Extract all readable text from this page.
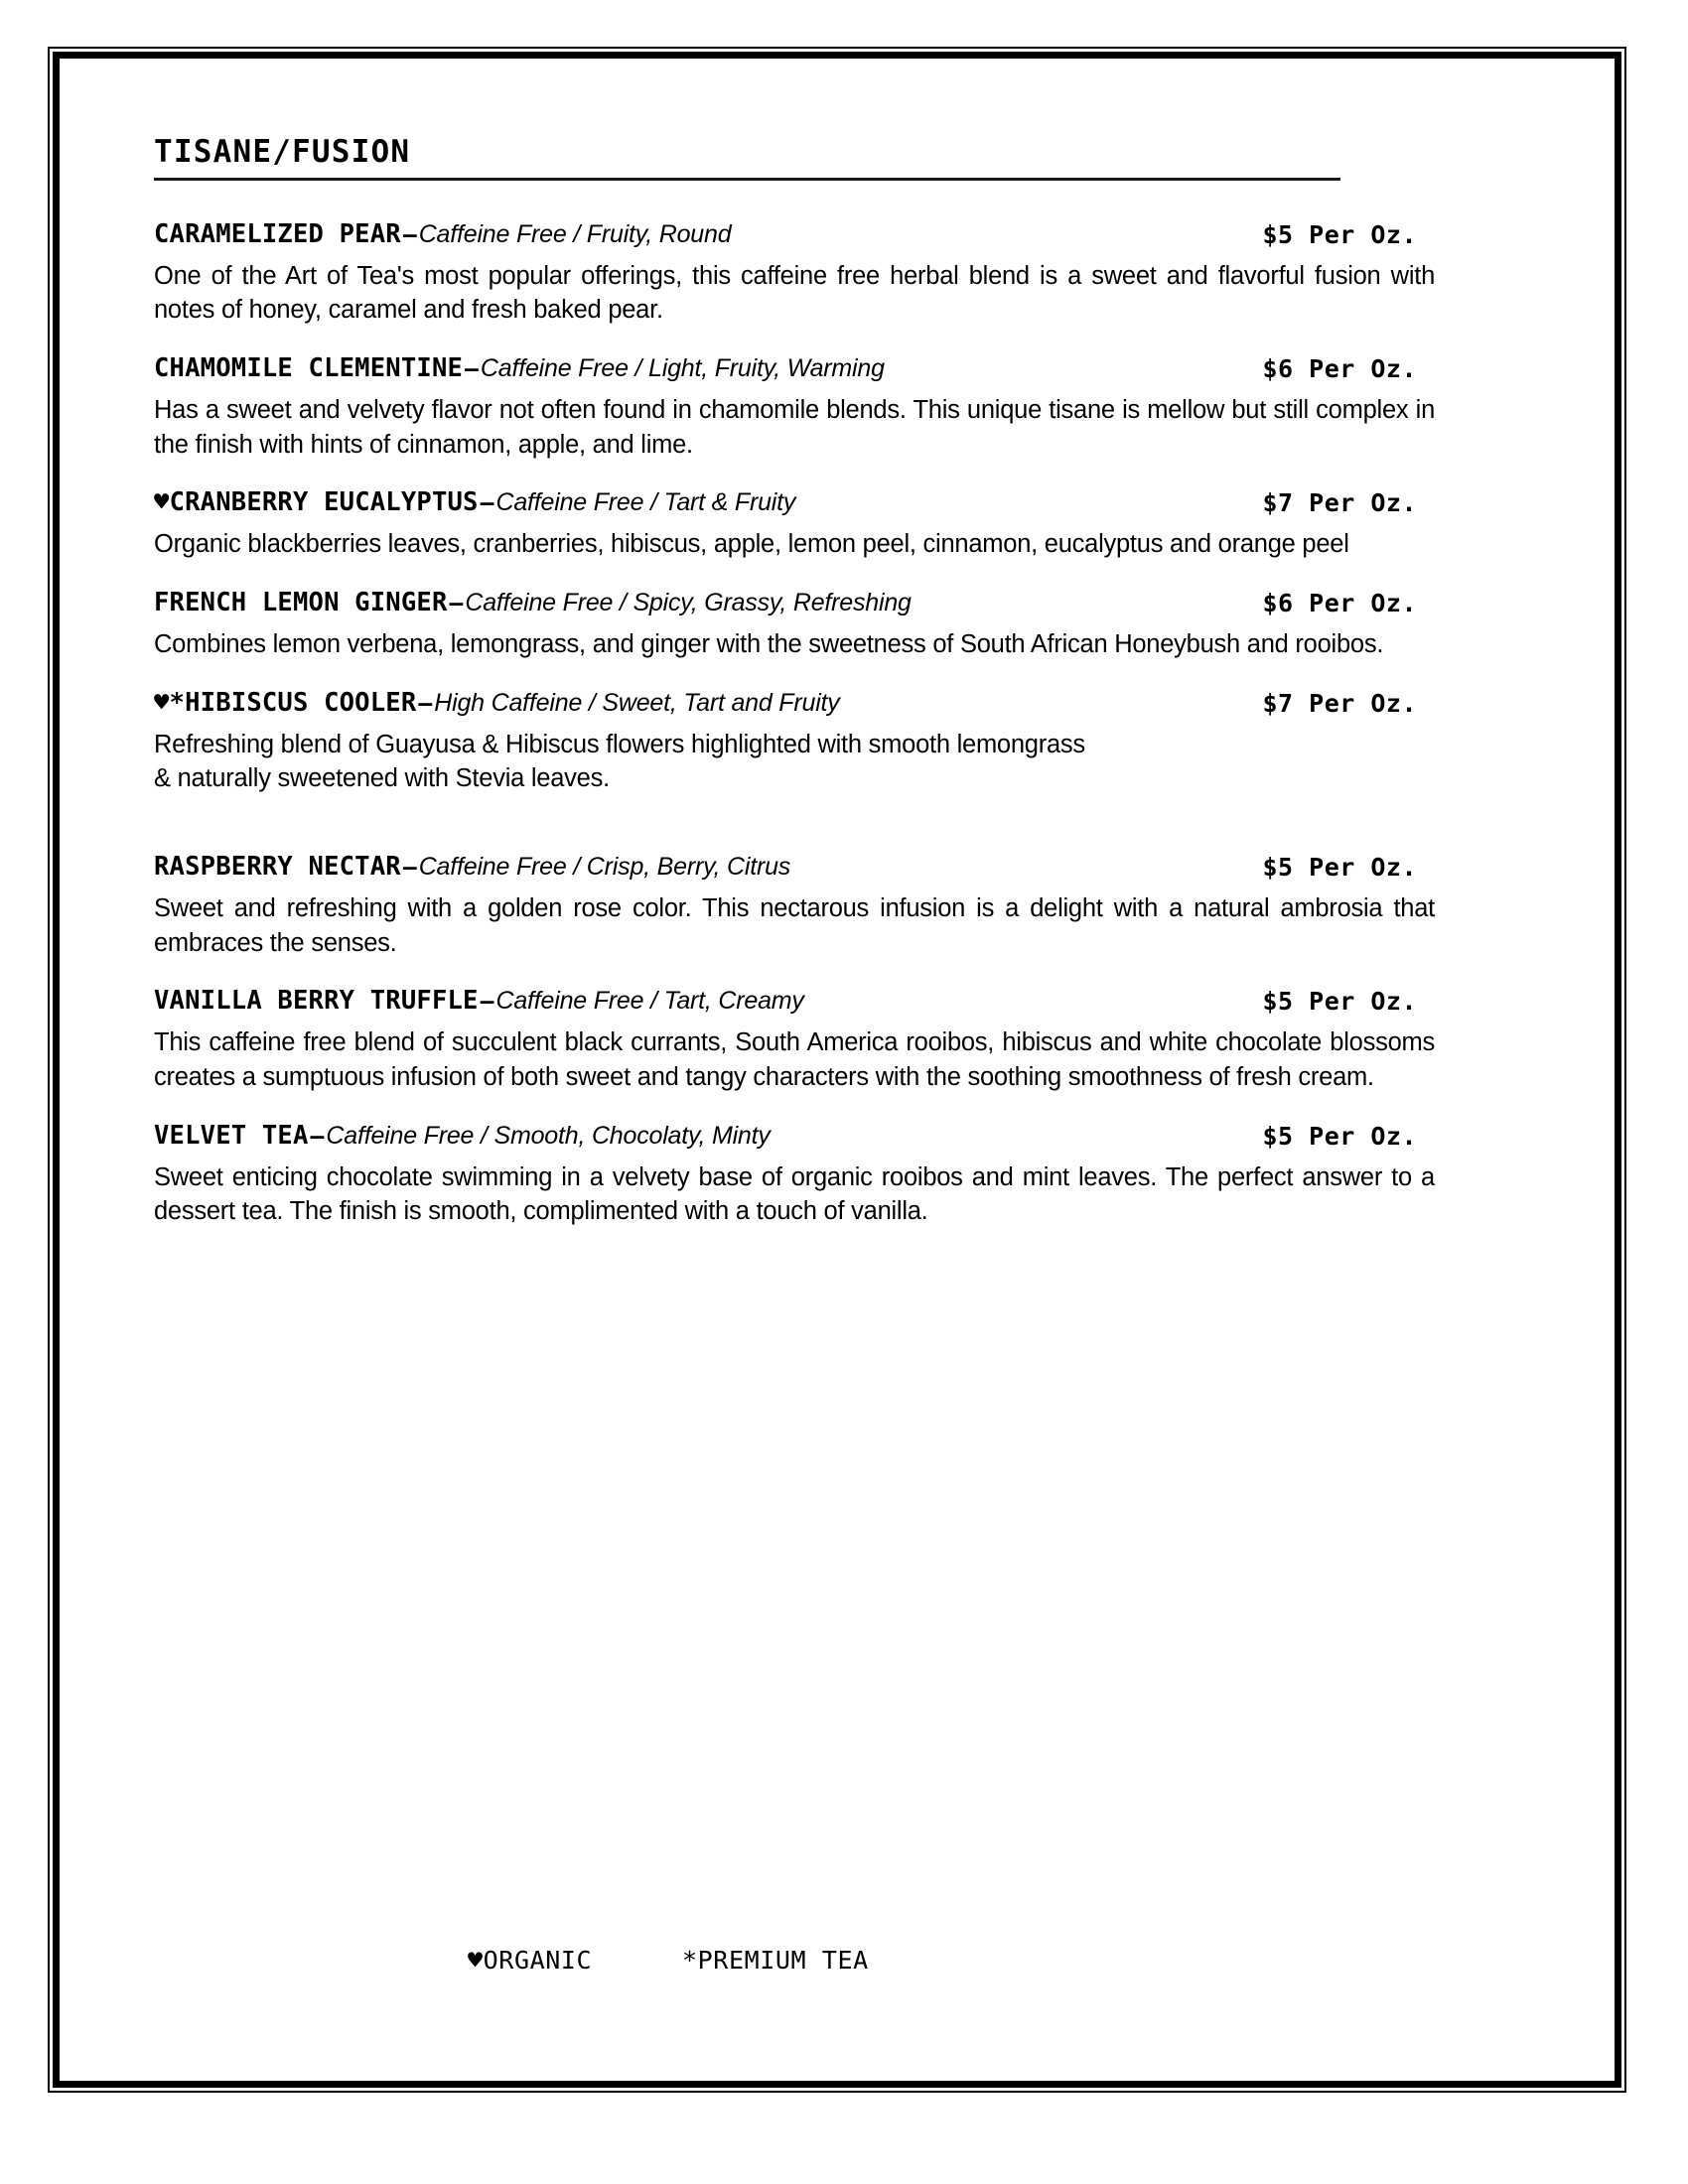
TISANE/FUSION
CARAMELIZED PEAR–Caffeine Free / Fruity, Round	$5 Per Oz.
One of the Art of Tea's most popular offerings, this caffeine free herbal blend is a sweet and flavorful fusion with notes of honey, caramel and fresh baked pear.
CHAMOMILE CLEMENTINE–Caffeine Free / Light, Fruity, Warming	$6 Per Oz.
Has a sweet and velvety flavor not often found in chamomile blends. This unique tisane is mellow but still complex in the finish with hints of cinnamon, apple, and lime.
♥CRANBERRY EUCALYPTUS–Caffeine Free / Tart & Fruity	$7 Per Oz.
Organic blackberries leaves, cranberries, hibiscus, apple, lemon peel, cinnamon, eucalyptus and orange peel
FRENCH LEMON GINGER–Caffeine Free / Spicy, Grassy, Refreshing	$6 Per Oz.
Combines lemon verbena, lemongrass, and ginger with the sweetness of South African Honeybush and rooibos.
♥*HIBISCUS COOLER–High Caffeine / Sweet, Tart and Fruity	$7 Per Oz.
Refreshing blend of Guayusa & Hibiscus flowers highlighted with smooth lemongrass
& naturally sweetened with Stevia leaves.
RASPBERRY NECTAR–Caffeine Free / Crisp, Berry, Citrus	$5 Per Oz.
Sweet and refreshing with a golden rose color. This nectarous infusion is a delight with a natural ambrosia that embraces the senses.
VANILLA BERRY TRUFFLE–Caffeine Free / Tart, Creamy	$5 Per Oz.
This caffeine free blend of succulent black currants, South America rooibos, hibiscus and white chocolate blossoms creates a sumptuous infusion of both sweet and tangy characters with the soothing smoothness of fresh cream.
VELVET TEA–Caffeine Free / Smooth, Chocolaty, Minty	$5 Per Oz.
Sweet enticing chocolate swimming in a velvety base of organic rooibos and mint leaves. The perfect answer to a dessert tea. The finish is smooth, complimented with a touch of vanilla.
♥ORGANIC	*PREMIUM TEA
